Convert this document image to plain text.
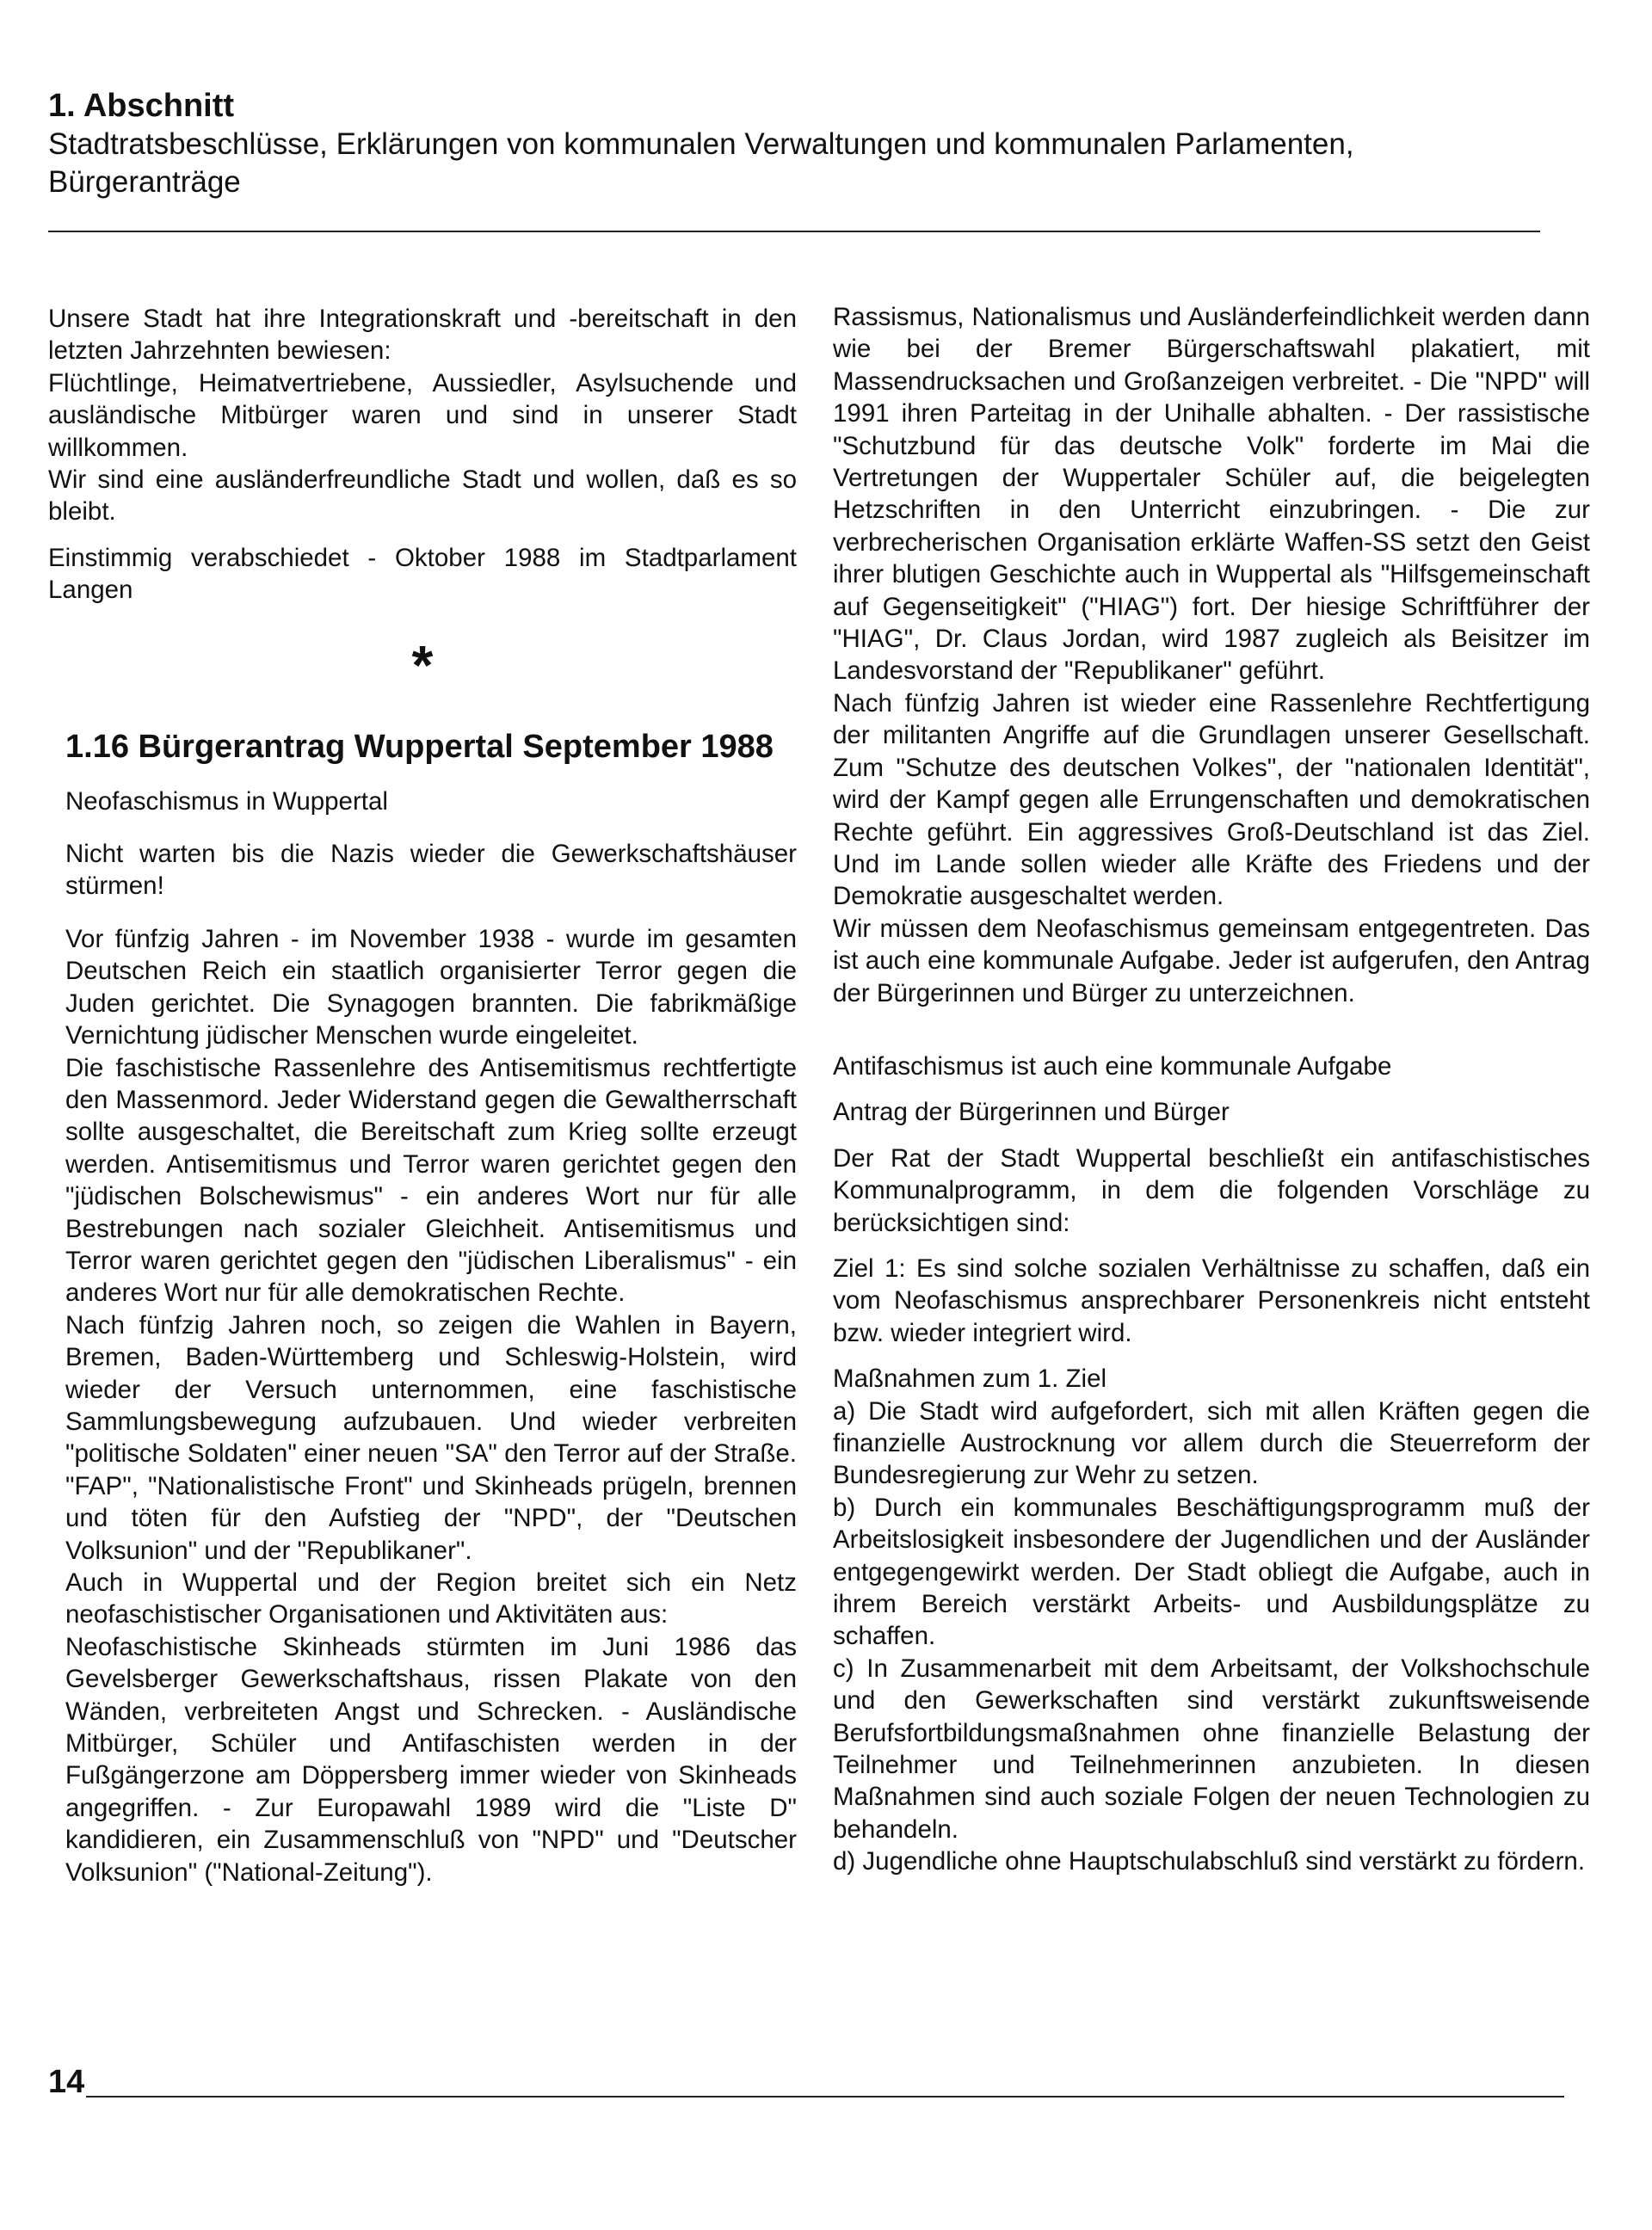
1. Abschnitt

Stadtratsbeschlüsse, Erklärungen von kommunalen Verwaltungen und kommunalen Parlamenten,

Bürgeranträge

Unsere Stadt hat ihre Integrationskraft und -bereitschaft in den letzten Jahrzehnten bewiesen:

Flüchtlinge, Heimatvertriebene, Aussiedler, Asylsuchende und ausländische Mitbürger waren und sind in unserer Stadt willkommen.

Wir sind eine ausländerfreundliche Stadt und wollen, daß es so bleibt.

Einstimmig verabschiedet - Oktober 1988 im Stadtparlament Langen

*

1.16 Bürgerantrag Wuppertal September 1988

Neofaschismus in Wuppertal

Nicht warten bis die Nazis wieder die Gewerkschaftshäuser stürmen!

Vor fünfzig Jahren - im November 1938 - wurde im gesamten Deutschen Reich ein staatlich organisierter Terror gegen die Juden gerichtet. Die Synagogen brannten. Die fabrikmäßige Vernichtung jüdischer Menschen wurde eingeleitet.

Die faschistische Rassenlehre des Antisemitismus rechtfertigte den Massenmord. Jeder Widerstand gegen die Gewaltherrschaft sollte ausgeschaltet, die Bereitschaft zum Krieg sollte erzeugt werden. Antisemitismus und Terror waren gerichtet gegen den "jüdischen Bolschewismus" - ein anderes Wort nur für alle Bestrebungen nach sozialer Gleichheit. Antisemitismus und Terror waren gerichtet gegen den "jüdischen Liberalismus" - ein anderes Wort nur für alle demokratischen Rechte.

Nach fünfzig Jahren noch, so zeigen die Wahlen in Bayern, Bremen, Baden-Württemberg und Schleswig-Holstein, wird wieder der Versuch unternommen, eine faschistische Sammlungsbewegung aufzubauen. Und wieder verbreiten "politische Soldaten" einer neuen "SA" den Terror auf der Straße. "FAP", "Nationalistische Front" und Skinheads prügeln, brennen und töten für den Aufstieg der "NPD", der "Deutschen Volksunion" und der "Republikaner".

Auch in Wuppertal und der Region breitet sich ein Netz neofaschistischer Organisationen und Aktivitäten aus:

Neofaschistische Skinheads stürmten im Juni 1986 das Gevelsberger Gewerkschaftshaus, rissen Plakate von den Wänden, verbreiteten Angst und Schrecken. - Ausländische Mitbürger, Schüler und Antifaschisten werden in der Fußgängerzone am Döppersberg immer wieder von Skinheads angegriffen. - Zur Europawahl 1989 wird die "Liste D" kandidieren, ein Zusammenschluß von "NPD" und "Deutscher Volksunion" ("National-Zeitung").

Rassismus, Nationalismus und Ausländerfeindlichkeit werden dann wie bei der Bremer Bürgerschaftswahl plakatiert, mit Massendrucksachen und Großanzeigen verbreitet. - Die "NPD" will 1991 ihren Parteitag in der Unihalle abhalten. - Der rassistische "Schutzbund für das deutsche Volk" forderte im Mai die Vertretungen der Wuppertaler Schüler auf, die beigelegten Hetzschriften in den Unterricht einzubringen. - Die zur verbrecherischen Organisation erklärte Waffen-SS setzt den Geist ihrer blutigen Geschichte auch in Wuppertal als "Hilfsgemeinschaft auf Gegenseitigkeit" ("HIAG") fort. Der hiesige Schriftführer der "HIAG", Dr. Claus Jordan, wird 1987 zugleich als Beisitzer im Landesvorstand der "Republikaner" geführt.

Nach fünfzig Jahren ist wieder eine Rassenlehre Rechtfertigung der militanten Angriffe auf die Grundlagen unserer Gesellschaft. Zum "Schutze des deutschen Volkes", der "nationalen Identität", wird der Kampf gegen alle Errungenschaften und demokratischen Rechte geführt. Ein aggressives Groß-Deutschland ist das Ziel. Und im Lande sollen wieder alle Kräfte des Friedens und der Demokratie ausgeschaltet werden.

Wir müssen dem Neofaschismus gemeinsam entgegentreten. Das ist auch eine kommunale Aufgabe. Jeder ist aufgerufen, den Antrag der Bürgerinnen und Bürger zu unterzeichnen.

Antifaschismus ist auch eine kommunale Aufgabe

Antrag der Bürgerinnen und Bürger

Der Rat der Stadt Wuppertal beschließt ein antifaschistisches Kommunalprogramm, in dem die folgenden Vorschläge zu berücksichtigen sind:

Ziel 1: Es sind solche sozialen Verhältnisse zu schaffen, daß ein vom Neofaschismus ansprechbarer Personenkreis nicht entsteht bzw. wieder integriert wird.

Maßnahmen zum 1. Ziel

a) Die Stadt wird aufgefordert, sich mit allen Kräften gegen die finanzielle Austrocknung vor allem durch die Steuerreform der Bundesregierung zur Wehr zu setzen.

b) Durch ein kommunales Beschäftigungsprogramm muß der Arbeitslosigkeit insbesondere der Jugendlichen und der Ausländer entgegengewirkt werden. Der Stadt obliegt die Aufgabe, auch in ihrem Bereich verstärkt Arbeits- und Ausbildungsplätze zu schaffen.

c) In Zusammenarbeit mit dem Arbeitsamt, der Volkshochschule und den Gewerkschaften sind verstärkt zukunftsweisende Berufsfortbildungsmaßnahmen ohne finanzielle Belastung der Teilnehmer und Teilnehmerinnen anzubieten. In diesen Maßnahmen sind auch soziale Folgen der neuen Technologien zu behandeln.

d) Jugendliche ohne Hauptschulabschluß sind verstärkt zu fördern.

14
